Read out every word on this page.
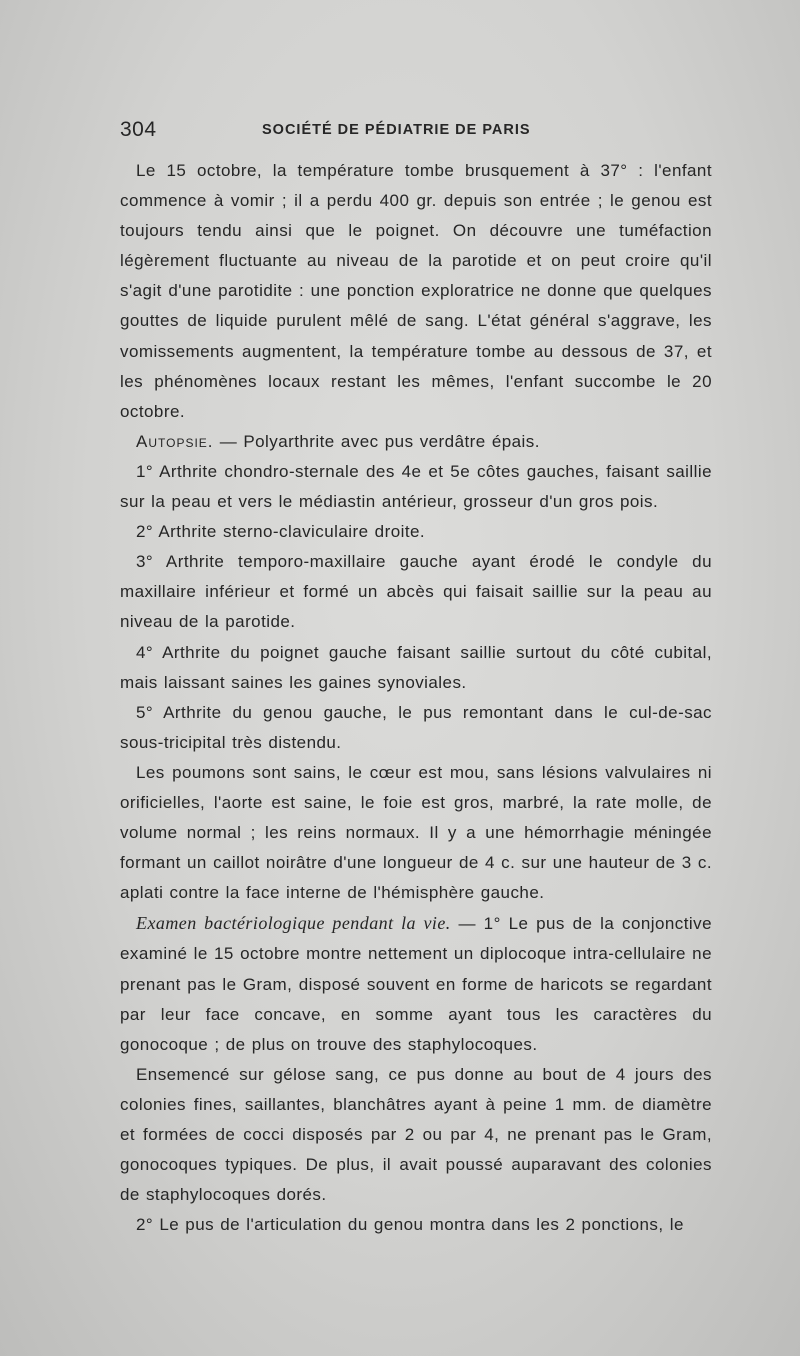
304	SOCIÉTÉ DE PÉDIATRIE DE PARIS

Le 15 octobre, la température tombe brusquement à 37° : l'enfant commence à vomir ; il a perdu 400 gr. depuis son entrée ; le genou est toujours tendu ainsi que le poignet. On découvre une tuméfaction légèrement fluctuante au niveau de la parotide et on peut croire qu'il s'agit d'une parotidite : une ponction exploratrice ne donne que quelques gouttes de liquide purulent mêlé de sang. L'état général s'aggrave, les vomissements augmentent, la température tombe au dessous de 37, et les phénomènes locaux restant les mêmes, l'enfant succombe le 20 octobre.

Autopsie. — Polyarthrite avec pus verdâtre épais.

1° Arthrite chondro-sternale des 4e et 5e côtes gauches, faisant saillie sur la peau et vers le médiastin antérieur, grosseur d'un gros pois.

2° Arthrite sterno-claviculaire droite.

3° Arthrite temporo-maxillaire gauche ayant érodé le condyle du maxillaire inférieur et formé un abcès qui faisait saillie sur la peau au niveau de la parotide.

4° Arthrite du poignet gauche faisant saillie surtout du côté cubital, mais laissant saines les gaines synoviales.

5° Arthrite du genou gauche, le pus remontant dans le cul-de-sac sous-tricipital très distendu.

Les poumons sont sains, le cœur est mou, sans lésions valvulaires ni orificielles, l'aorte est saine, le foie est gros, marbré, la rate molle, de volume normal ; les reins normaux. Il y a une hémorrhagie méningée formant un caillot noirâtre d'une longueur de 4 c. sur une hauteur de 3 c. aplati contre la face interne de l'hémisphère gauche.

Examen bactériologique pendant la vie. — 1° Le pus de la conjonctive examiné le 15 octobre montre nettement un diplocoque intra-cellulaire ne prenant pas le Gram, disposé souvent en forme de haricots se regardant par leur face concave, en somme ayant tous les caractères du gonocoque ; de plus on trouve des staphylocoques.

Ensemencé sur gélose sang, ce pus donne au bout de 4 jours des colonies fines, saillantes, blanchâtres ayant à peine 1 mm. de diamètre et formées de cocci disposés par 2 ou par 4, ne prenant pas le Gram, gonocoques typiques. De plus, il avait poussé auparavant des colonies de staphylocoques dorés.

2° Le pus de l'articulation du genou montra dans les 2 ponctions, le
